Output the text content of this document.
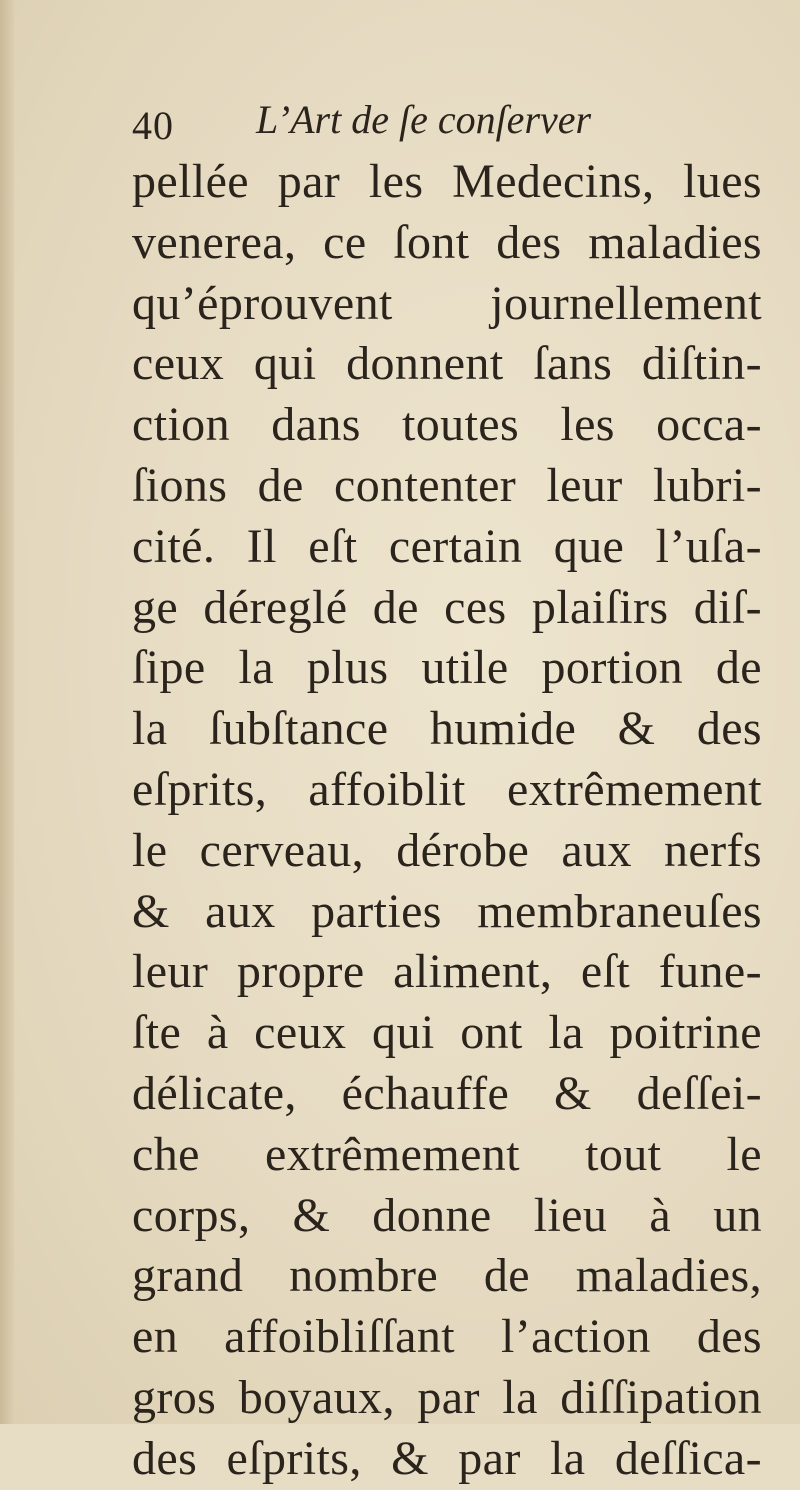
40 L’Art de ſe conſerver
pellée par les Medecins, lues
venerea, ce ſont des maladies
qu’éprouvent journellement
ceux qui donnent ſans diſtin-
ction dans toutes les occa-
ſions de contenter leur lubri-
cité. Il eſt certain que l’uſa-
ge déreglé de ces plaiſirs diſ-
ſipe la plus utile portion de
la ſubſtance humide & des
eſprits, affoiblit extrêmement
le cerveau, dérobe aux nerfs
& aux parties membraneuſes
leur propre aliment, eſt fune-
ſte à ceux qui ont la poitrine
délicate, échauffe & deſſei-
che extrêmement tout le
corps, & donne lieu à un
grand nombre de maladies,
en affoibliſſant l’action des
gros boyaux, par la diſſipation
des eſprits, & par la deſſica-
